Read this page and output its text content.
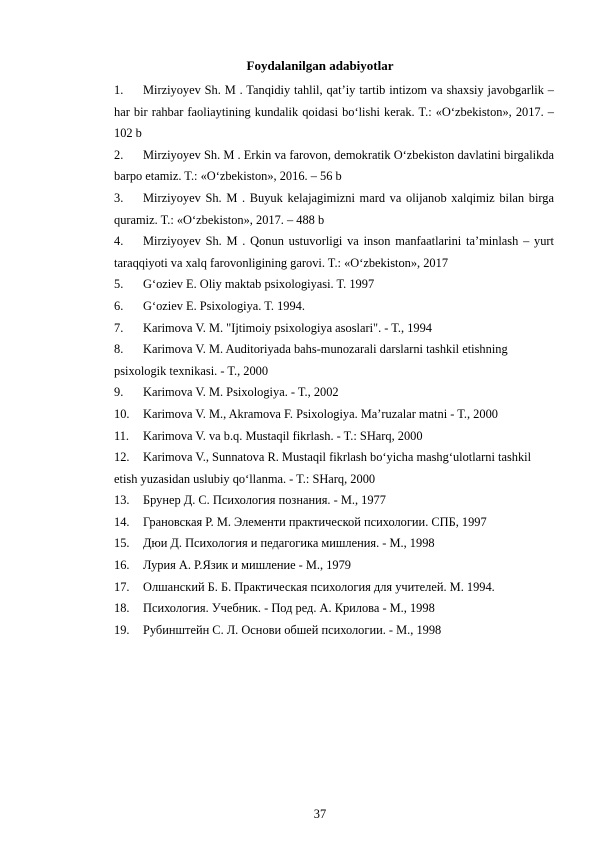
Foydalanilgan adabiyotlar
1.	Mirziyoyev Sh. M . Tanqidiy tahlil, qat’iy tartib intizom va shaxsiy javobgarlik – har bir rahbar faoliaytining kundalik qoidasi bo‘lishi kerak. T.: «O‘zbekiston», 2017. – 102 b
2.	Mirziyoyev Sh. M . Erkin va farovon, demokratik O‘zbekiston davlatini birgalikda barpo etamiz. T.: «O‘zbekiston», 2016. – 56 b
3.	Mirziyoyev Sh. M . Buyuk kelajagimizni mard va olijanob xalqimiz bilan birga quramiz. T.: «O‘zbekiston», 2017. – 488 b
4.	Mirziyoyev Sh. M . Qonun ustuvorligi va inson manfaatlarini ta’minlash – yurt taraqqiyoti va xalq farovonligining garovi. T.: «O‘zbekiston», 2017
5.	G‘oziev E. Oliy maktab psixologiyasi. T. 1997
6.	G‘oziev E. Psixologiya. T. 1994.
7.	Karimova V. M. "Ijtimoiy psixologiya asoslari". - T., 1994
8.	Karimova V. M. Auditoriyada bahs-munozarali darslarni tashkil etishning psixologik texnikasi. - T., 2000
9.	Karimova V. M. Psixologiya. - T., 2002
10.	Karimova V. M., Akramova F. Psixologiya. Ma’ruzalar matni - T., 2000
11.	Karimova V. va b.q. Mustaqil fikrlash. - T.: SHarq, 2000
12.	Karimova V., Sunnatova R. Mustaqil fikrlash bo‘yicha mashg‘ulotlarni tashkil etish yuzasidan uslubiy qo‘llanma. - T.: SHarq, 2000
13.	Брунер Д. С. Психология познания. - М., 1977
14.	Грановская Р. М. Элементи практической психологии. СПБ, 1997
15.	Дюи Д. Психология и педагогика мишления. - М., 1998
16.	Лурия А. Р.Язик и мишление - М., 1979
17.	Олшанский Б. Б. Практическая психология для учителей. М. 1994.
18.	Психология. Учебник. - Под ред. А. Крилова - М., 1998
19.	Рубинштейн С. Л. Основи обшей психологии. - М., 1998
37
